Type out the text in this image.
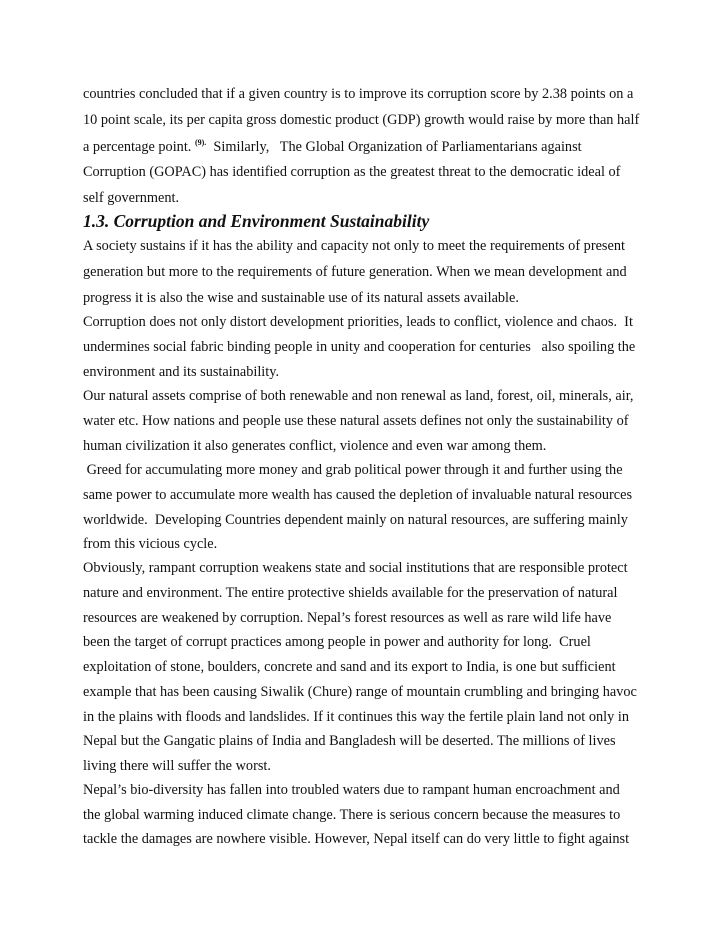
countries concluded that if a given country is to improve its corruption score by 2.38 points on a
10 point scale, its per capita gross domestic product (GDP) growth would raise by more than half
a percentage point. $^{(9).}$  Similarly,   The Global Organization of Parliamentarians against
Corruption (GOPAC) has identified corruption as the greatest threat to the democratic ideal of
self government.
1.3. Corruption and Environment Sustainability
A society sustains if it has the ability and capacity not only to meet the requirements of present
generation but more to the requirements of future generation. When we mean development and
progress it is also the wise and sustainable use of its natural assets available.
Corruption does not only distort development priorities, leads to conflict, violence and chaos.  It
undermines social fabric binding people in unity and cooperation for centuries   also spoiling the
environment and its sustainability.
Our natural assets comprise of both renewable and non renewal as land, forest, oil, minerals, air,
water etc. How nations and people use these natural assets defines not only the sustainability of
human civilization it also generates conflict, violence and even war among them.
Greed for accumulating more money and grab political power through it and further using the
same power to accumulate more wealth has caused the depletion of invaluable natural resources
worldwide.  Developing Countries dependent mainly on natural resources, are suffering mainly
from this vicious cycle.
Obviously, rampant corruption weakens state and social institutions that are responsible protect
nature and environment. The entire protective shields available for the preservation of natural
resources are weakened by corruption. Nepal’s forest resources as well as rare wild life have
been the target of corrupt practices among people in power and authority for long.  Cruel
exploitation of stone, boulders, concrete and sand and its export to India, is one but sufficient
example that has been causing Siwalik (Chure) range of mountain crumbling and bringing havoc
in the plains with floods and landslides. If it continues this way the fertile plain land not only in
Nepal but the Gangatic plains of India and Bangladesh will be deserted. The millions of lives
living there will suffer the worst.
Nepal’s bio-diversity has fallen into troubled waters due to rampant human encroachment and
the global warming induced climate change. There is serious concern because the measures to
tackle the damages are nowhere visible. However, Nepal itself can do very little to fight against
